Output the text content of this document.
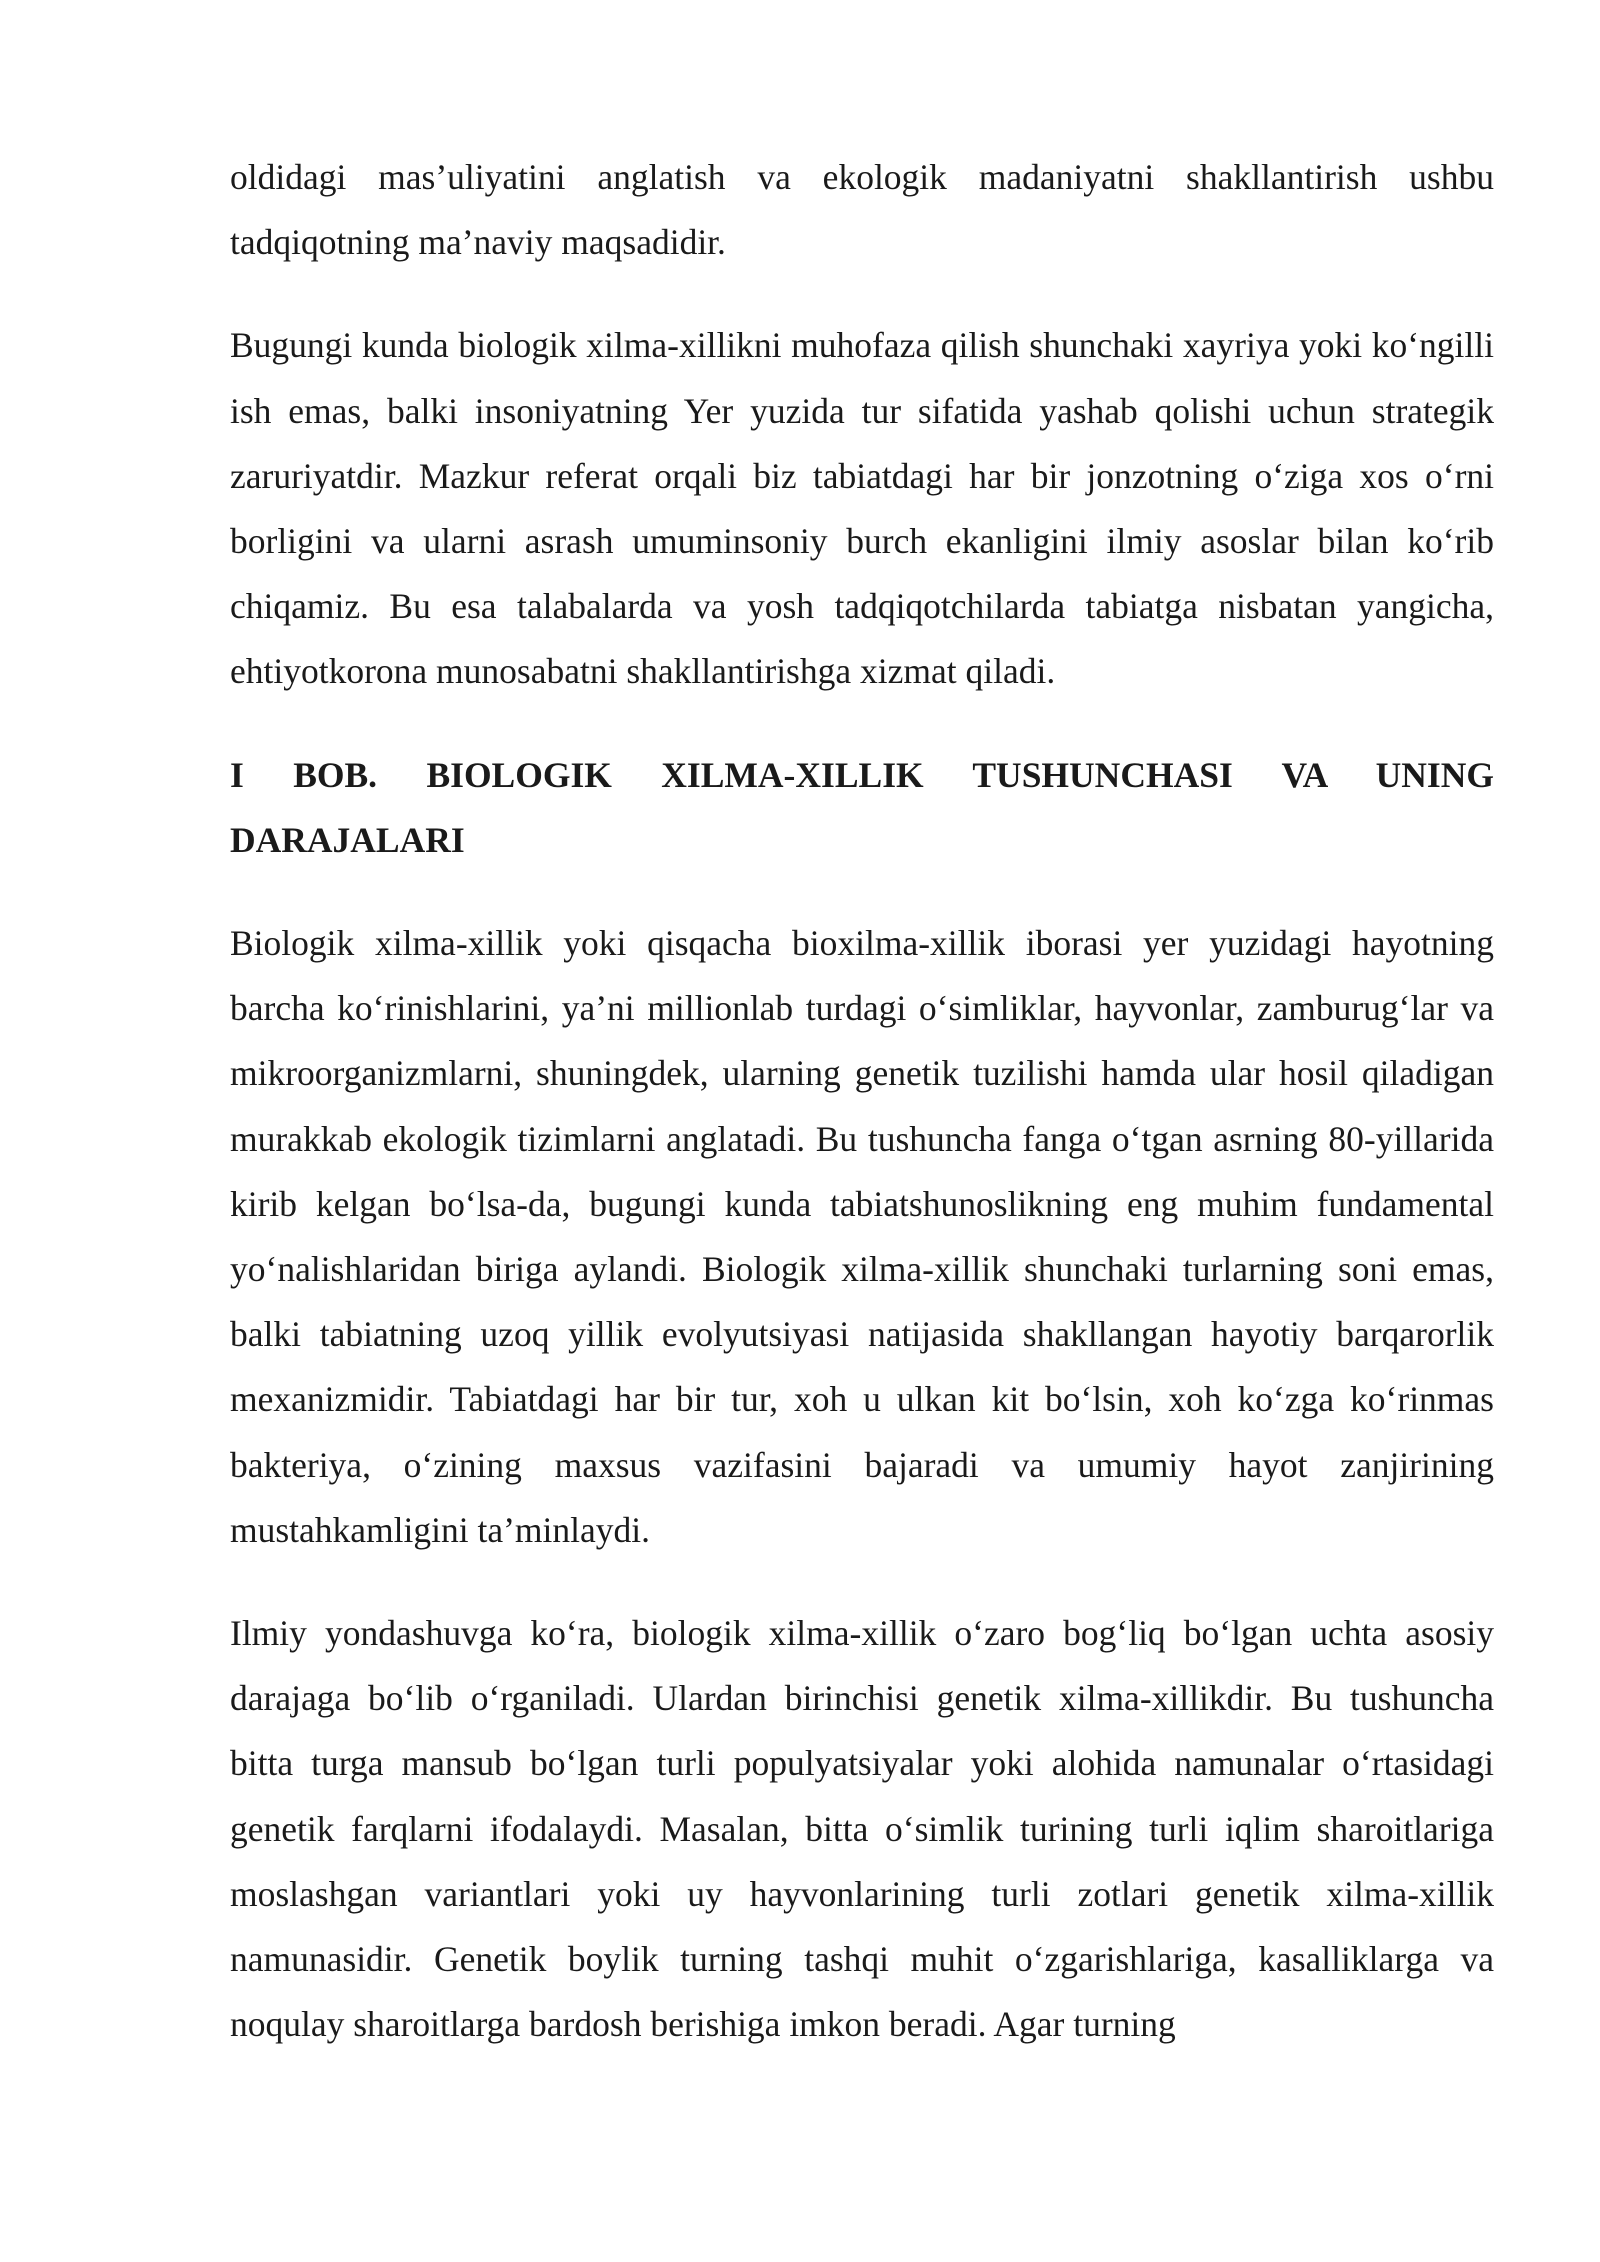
oldidagi mas’uliyatini anglatish va ekologik madaniyatni shakllantirish ushbu tadqiqotning ma’naviy maqsadidir.

Bugungi kunda biologik xilma-xillikni muhofaza qilish shunchaki xayriya yoki ko‘ngilli ish emas, balki insoniyatning Yer yuzida tur sifatida yashab qolishi uchun strategik zaruriyatdir. Mazkur referat orqali biz tabiatdagi har bir jonzotning o‘ziga xos o‘rni borligini va ularni asrash umuminsoniy burch ekanligini ilmiy asoslar bilan ko‘rib chiqamiz. Bu esa talabalarda va yosh tadqiqotchilarda tabiatga nisbatan yangicha, ehtiyotkorona munosabatni shakllantirishga xizmat qiladi.

I BOB. BIOLOGIK XILMA-XILLIK TUSHUNCHASI VA UNING DARAJALARI

Biologik xilma-xillik yoki qisqacha bioxilma-xillik iborasi yer yuzidagi hayotning barcha ko‘rinishlarini, ya’ni millionlab turdagi o‘simliklar, hayvonlar, zamburug‘lar va mikroorganizmlarni, shuningdek, ularning genetik tuzilishi hamda ular hosil qiladigan murakkab ekologik tizimlarni anglatadi. Bu tushuncha fanga o‘tgan asrning 80-yillarida kirib kelgan bo‘lsa-da, bugungi kunda tabiatshunoslikning eng muhim fundamental yo‘nalishlaridan biriga aylandi. Biologik xilma-xillik shunchaki turlarning soni emas, balki tabiatning uzoq yillik evolyutsiyasi natijasida shakllangan hayotiy barqarorlik mexanizmidir. Tabiatdagi har bir tur, xoh u ulkan kit bo‘lsin, xoh ko‘zga ko‘rinmas bakteriya, o‘zining maxsus vazifasini bajaradi va umumiy hayot zanjirining mustahkamligini ta’minlaydi.

Ilmiy yondashuvga ko‘ra, biologik xilma-xillik o‘zaro bog‘liq bo‘lgan uchta asosiy darajaga bo‘lib o‘rganiladi. Ulardan birinchisi genetik xilma-xillikdir. Bu tushuncha bitta turga mansub bo‘lgan turli populyatsiyalar yoki alohida namunalar o‘rtasidagi genetik farqlarni ifodalaydi. Masalan, bitta o‘simlik turining turli iqlim sharoitlariga moslashgan variantlari yoki uy hayvonlarining turli zotlari genetik xilma-xillik namunasidir. Genetik boylik turning tashqi muhit o‘zgarishlariga, kasalliklarga va noqulay sharoitlarga bardosh berishiga imkon beradi. Agar turning
